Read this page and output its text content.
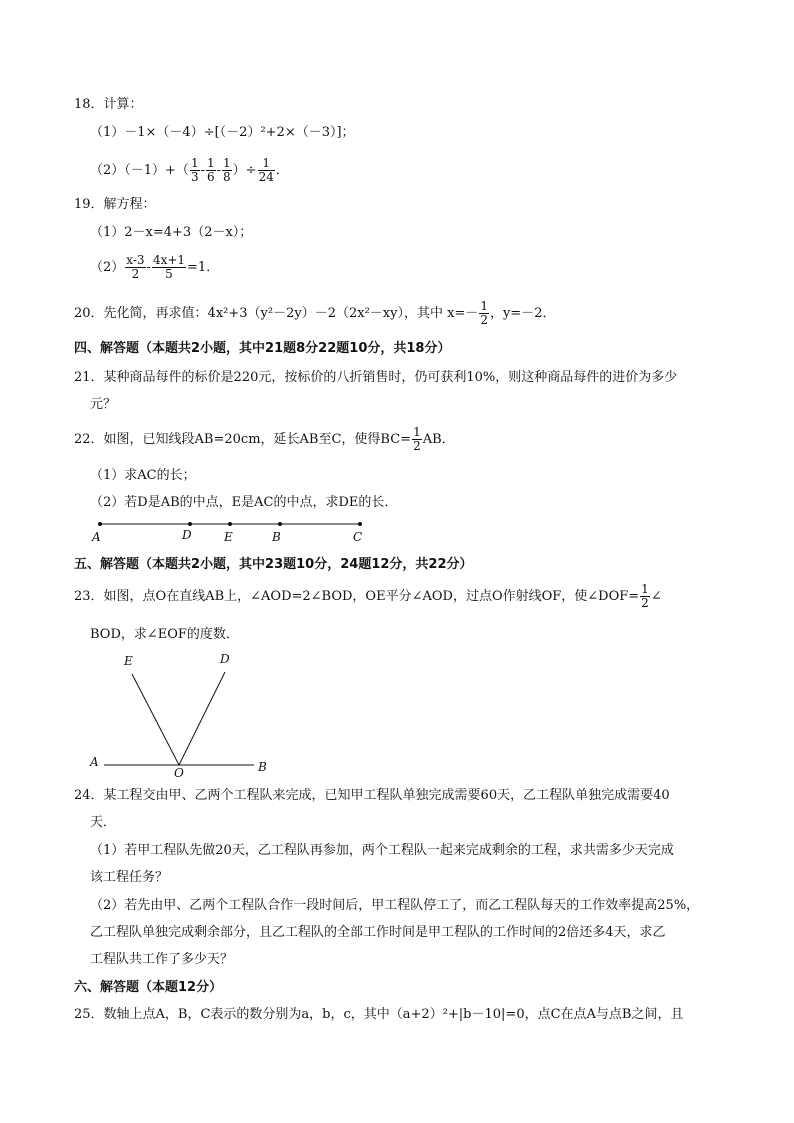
18．计算：
（1）－1×（－4）÷[（－2）²+2×（－3）]；
$(2)(-1)+( \frac{1}{3} - \frac{1}{6} - \frac{1}{8}$ ）÷ $\frac{1}{24}$ ．
19．解方程：
（1）2－x=4+3（2－x）；
$(2) \frac{x-3}{2} - \frac{4x+1}{5} =1$．
20．先化简，再求值：4x²+3（y²－2y）－2（2x²－xy），其中 $x=- \frac{1}{2}$ ，y=－2．
四、解答题（本题共2小题，其中21题8分22题10分，共18分）
21．某种商品每件的标价是220元，按标价的八折销售时，仍可获利10%，则这种商品每件的进价为多少
元？
22．如图，已知线段AB=20cm，延长AB至C，使得$BC= \frac{1}{2}$ AB．
（1）求AC的长；
（2）若D是AB的中点，E是AC的中点，求DE的长．
A	D	E	B	C
五、解答题（本题共2小题，其中23题10分，24题12分，共22分）
23．如图，点O在直线AB上，∠AOD=2∠BOD，OE平分∠AOD，过点O作射线OF，使∠DOF= $\frac{1}{2}$ ∠
BOD，求∠EOF的度数．
E	D
A
O	B
24．某工程交由甲、乙两个工程队来完成，已知甲工程队单独完成需要60天，乙工程队单独完成需要40
天．
（1）若甲工程队先做20天，乙工程队再参加，两个工程队一起来完成剩余的工程，求共需多少天完成
该工程任务？
（2）若先由甲、乙两个工程队合作一段时间后，甲工程队停工了，而乙工程队每天的工作效率提高25%，
乙工程队单独完成剩余部分，且乙工程队的全部工作时间是甲工程队的工作时间的2倍还多4天，求乙
工程队共工作了多少天？
六、解答题（本题12分）
25．数轴上点A，B，C表示的数分别为a，b，c，其中（a+2）²+|b－10|=0，点C在点A与点B之间，且
